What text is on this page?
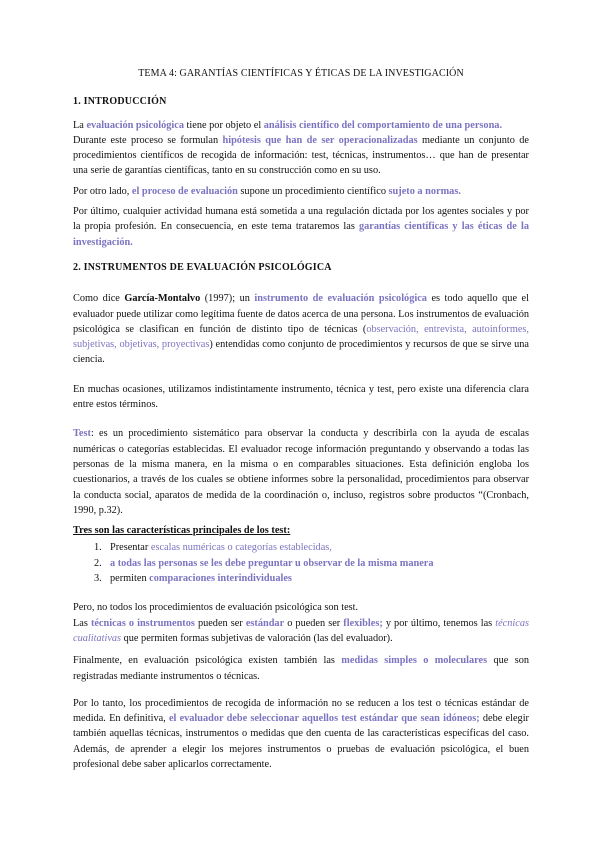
TEMA 4: GARANTÍAS CIENTÍFICAS Y ÉTICAS DE LA INVESTIGACIÓN
1. INTRODUCCIÓN

La evaluación psicológica tiene por objeto el análisis científico del comportamiento de una persona.

Durante este proceso se formulan hipótesis que han de ser operacionalizadas mediante un conjunto de procedimientos científicos de recogida de información: test, técnicas, instrumentos… que han de presentar una serie de garantías científicas, tanto en su construcción como en su uso.

Por otro lado, el proceso de evaluación supone un procedimiento científico sujeto a normas.

Por último, cualquier actividad humana está sometida a una regulación dictada por los agentes sociales y por la propia profesión. En consecuencia, en este tema trataremos las garantías científicas y las éticas de la investigación.

2. INSTRUMENTOS DE EVALUACIÓN PSICOLÓGICA

Como dice García-Montalvo (1997); un instrumento de evaluación psicológica es todo aquello que el evaluador puede utilizar como legítima fuente de datos acerca de una persona. Los instrumentos de evaluación psicológica se clasifican en función de distinto tipo de técnicas (observación, entrevista, autoinformes, subjetivas, objetivas, proyectivas) entendidas como conjunto de procedimientos y recursos de que se sirve una ciencia.

En muchas ocasiones, utilizamos indistintamente instrumento, técnica y test, pero existe una diferencia clara entre estos términos.

Test: es un procedimiento sistemático para observar la conducta y describirla con la ayuda de escalas numéricas o categorías establecidas. El evaluador recoge información preguntando y observando a todas las personas de la misma manera, en la misma o en comparables situaciones. Esta definición engloba los cuestionarios, a través de los cuales se obtiene informes sobre la personalidad, procedimientos para observar la conducta social, aparatos de medida de la coordinación o, incluso, registros sobre productos “(Cronbach, 1990, p.32).

Tres son las características principales de los test:

1. Presentar escalas numéricas o categorías establecidas,
2. a todas las personas se les debe preguntar u observar de la misma manera
3. permiten comparaciones interindividuales

Pero, no todos los procedimientos de evaluación psicológica son test.

Las técnicas o instrumentos pueden ser estándar o pueden ser flexibles; y por último, tenemos las técnicas cualitativas que permiten formas subjetivas de valoración (las del evaluador).

Finalmente, en evaluación psicológica existen también las medidas simples o moleculares que son registradas mediante instrumentos o técnicas.

Por lo tanto, los procedimientos de recogida de información no se reducen a los test o técnicas estándar de medida. En definitiva, el evaluador debe seleccionar aquellos test estándar que sean idóneos; debe elegir también aquellas técnicas, instrumentos o medidas que den cuenta de las características específicas del caso. Además, de aprender a elegir los mejores instrumentos o pruebas de evaluación psicológica, el buen profesional debe saber aplicarlos correctamente.
